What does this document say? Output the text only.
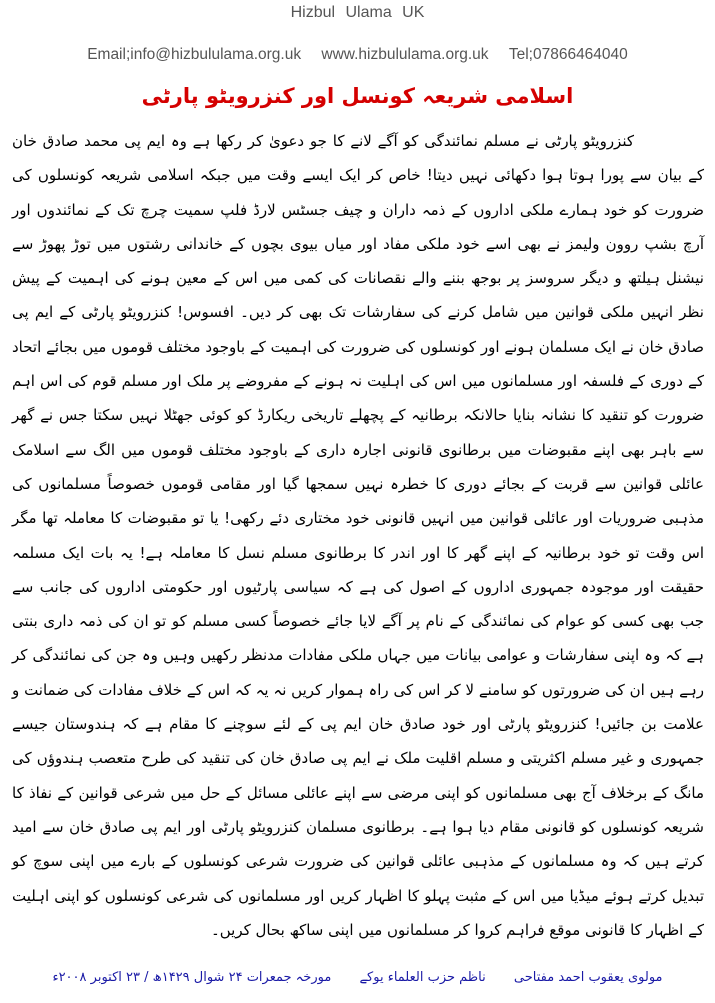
Hizbul Ulama UK
Email;info@hizbululama.org.uk www.hizbululama.org.uk Tel;07866464040
اسلامی شریعہ کونسل اور کنزرویٹو پارٹی

کنزرویٹو پارٹی نے مسلم نمائندگی کو آگے لانے کا جو دعویٰ کر رکھا ہے وہ ایم پی محمد صادق خان کے بیان سے پورا ہوتا ہوا دکھائی نہیں دیتا! خاص کر ایک ایسے وقت میں جبکہ اسلامی شریعہ کونسلوں کی ضرورت کو خود ہمارے ملکی اداروں کے ذمہ داران و چیف جسٹس لارڈ فلپ سمیت چرچ تک کے نمائندوں اور آرچ بشپ روون ولیمز نے بھی اسے خود ملکی مفاد اور میاں بیوی بچوں کے خاندانی رشتوں میں توڑ پھوڑ سے نیشنل ہیلتھ و دیگر سروسز پر بوجھ بننے والے نقصانات کی کمی میں اس کے معین ہونے کی اہمیت کے پیش نظر انہیں ملکی قوانین میں شامل کرنے کی سفارشات تک بھی کر دیں۔ افسوس! کنزرویٹو پارٹی کے ایم پی صادق خان نے ایک مسلمان ہونے اور کونسلوں کی ضرورت کی اہمیت کے باوجود مختلف قوموں میں بجائے اتحاد کے دوری کے فلسفہ اور مسلمانوں میں اس کی اہلیت نہ ہونے کے مفروضے پر ملک اور مسلم قوم کی اس اہم ضرورت کو تنقید کا نشانہ بنایا حالانکہ برطانیہ کے پچھلے تاریخی ریکارڈ کو کوئی جھٹلا نہیں سکتا جس نے گھر سے باہر بھی اپنے مقبوضات میں برطانوی قانونی اجارہ داری کے باوجود مختلف قوموں میں الگ سے اسلامک عائلی قوانین سے قربت کے بجائے دوری کا خطرہ نہیں سمجھا گیا اور مقامی قوموں خصوصاً مسلمانوں کی مذہبی ضروریات اور عائلی قوانین میں انہیں قانونی خود مختاری دئے رکھی! یا تو مقبوضات کا معاملہ تھا مگر اس وقت تو خود برطانیہ کے اپنے گھر کا اور اندر کا برطانوی مسلم نسل کا معاملہ ہے! یہ بات ایک مسلمہ حقیقت اور موجودہ جمہوری اداروں کے اصول کی ہے کہ سیاسی پارٹیوں اور حکومتی اداروں کی جانب سے جب بھی کسی کو عوام کی نمائندگی کے نام پر آگے لایا جائے خصوصاً کسی مسلم کو تو ان کی ذمہ داری بنتی ہے کہ وہ اپنی سفارشات و عوامی بیانات میں جہاں ملکی مفادات مدنظر رکھیں وہیں وہ جن کی نمائندگی کر رہے ہیں ان کی ضرورتوں کو سامنے لا کر اس کی راہ ہموار کریں نہ یہ کہ اس کے خلاف مفادات کی ضمانت و علامت بن جائیں! کنزرویٹو پارٹی اور خود صادق خان ایم پی کے لئے سوچنے کا مقام ہے کہ ہندوستان جیسے جمہوری و غیر مسلم اکثریتی و مسلم اقلیت ملک نے ایم پی صادق خان کی تنقید کی طرح متعصب ہندوؤں کی مانگ کے برخلاف آج بھی مسلمانوں کو اپنی مرضی سے اپنے عائلی مسائل کے حل میں شرعی قوانین کے نفاذ کا شریعہ کونسلوں کو قانونی مقام دیا ہوا ہے۔ برطانوی مسلمان کنزرویٹو پارٹی اور ایم پی صادق خان سے امید کرتے ہیں کہ وہ مسلمانوں کے مذہبی عائلی قوانین کی ضرورت شرعی کونسلوں کے بارے میں اپنی سوچ کو تبدیل کرتے ہوئے میڈیا میں اس کے مثبت پہلو کا اظہار کریں اور مسلمانوں کی شرعی کونسلوں کو اپنی اہلیت کے اظہار کا قانونی موقع فراہم کروا کر مسلمانوں میں اپنی ساکھ بحال کریں۔

مولوی یعقوب احمد مفتاحی ناظم حزب العلماء یوکے مورخہ جمعرات ۲۴ شوال ۱۴۲۹ھ / ۲۳ اکتوبر ۲۰۰۸ء
